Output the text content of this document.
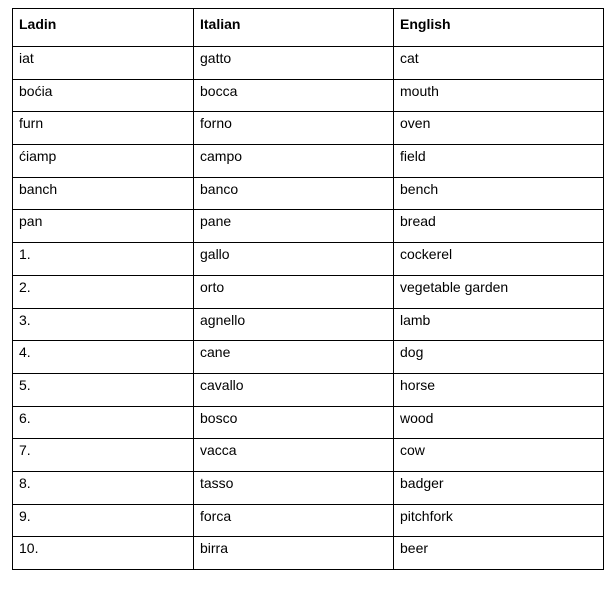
Ladin	Italian	English
iat	gatto	cat
boćia	bocca	mouth
furn	forno	oven
ćiamp	campo	field
banch	banco	bench
pan	pane	bread
1.	gallo	cockerel
2.	orto	vegetable garden
3.	agnello	lamb
4.	cane	dog
5.	cavallo	horse
6.	bosco	wood
7.	vacca	cow
8.	tasso	badger
9.	forca	pitchfork
10.	birra	beer
